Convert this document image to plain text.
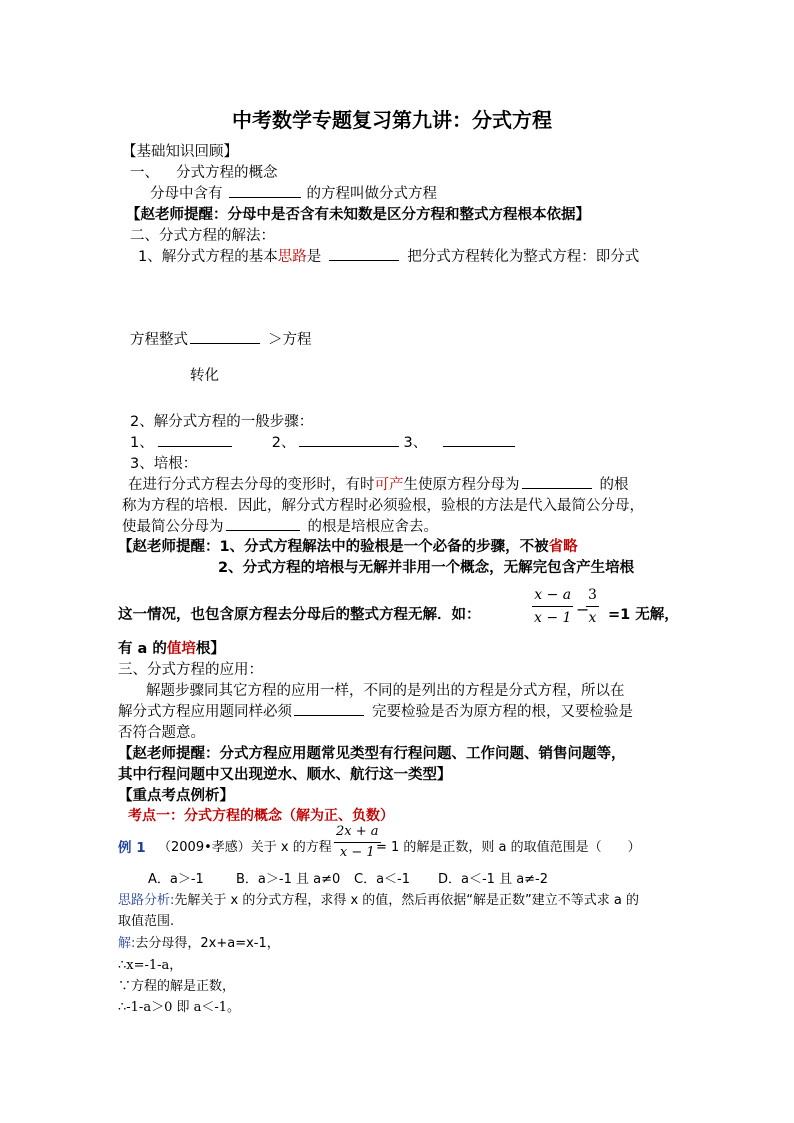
中考数学专题复习第九讲：分式方程
【基础知识回顾】
一、 分式方程的概念
分母中含有	的方程叫做分式方程
【赵老师提醒：分母中是否含有未知数是区分方程和整式方程根本依据】
二、分式方程的解法：
1、解分式方程的基本思路是	把分式方程转化为整式方程：即分式
方程整式	＞方程
转化
2、解分式方程的一般步骤：
1、	2、	3、
3、培根：
在进行分式方程去分母的变形时，有时可产生使原方程分母为	的根
称为方程的培根．因此，解分式方程时必须验根，验根的方法是代入最简公分母，
使最简公分母为	的根是培根应舍去。
【赵老师提醒：1、分式方程解法中的验根是一个必备的步骤，不被省略
2、分式方程的培根与无解并非用一个概念，无解完包含产生培根
这一情况，也包含原方程去分母后的整式方程无解．如：	$\frac{x - a}{x - 1}$ −
$\frac{3}{x} =1$ 无解，
有 a 的值培根】
三、分式方程的应用：
解题步骤同其它方程的应用一样，不同的是列出的方程是分式方程，所以在
解分式方程应用题同样必须	完要检验是否为原方程的根，又要检验是
否符合题意。
【赵老师提醒：分式方程应用题常见类型有行程问题、工作问题、销售问题等，
其中行程问题中又出现逆水、顺水、航行这一类型】
【重点考点例析】
考点一：分式方程的概念（解为正、负数）
例 1 （2009•孝感）关于 x 的方程 $\frac{2x + a}{x - 1}$
= 1 的解是正数，则 a 的取值范围是（　　）
A．a＞-1 B．a＞-1 且 a≠0 C．a＜-1 D．a＜-1 且 a≠-2
思路分析:先解关于 x 的分式方程，求得 x 的值，然后再依据“解是正数”建立不等式求 a 的
取值范围.
解:去分母得，2x+a=x-1，
∴x=-1-a，
∵方程的解是正数，
∴-1-a＞0 即 a＜-1。
